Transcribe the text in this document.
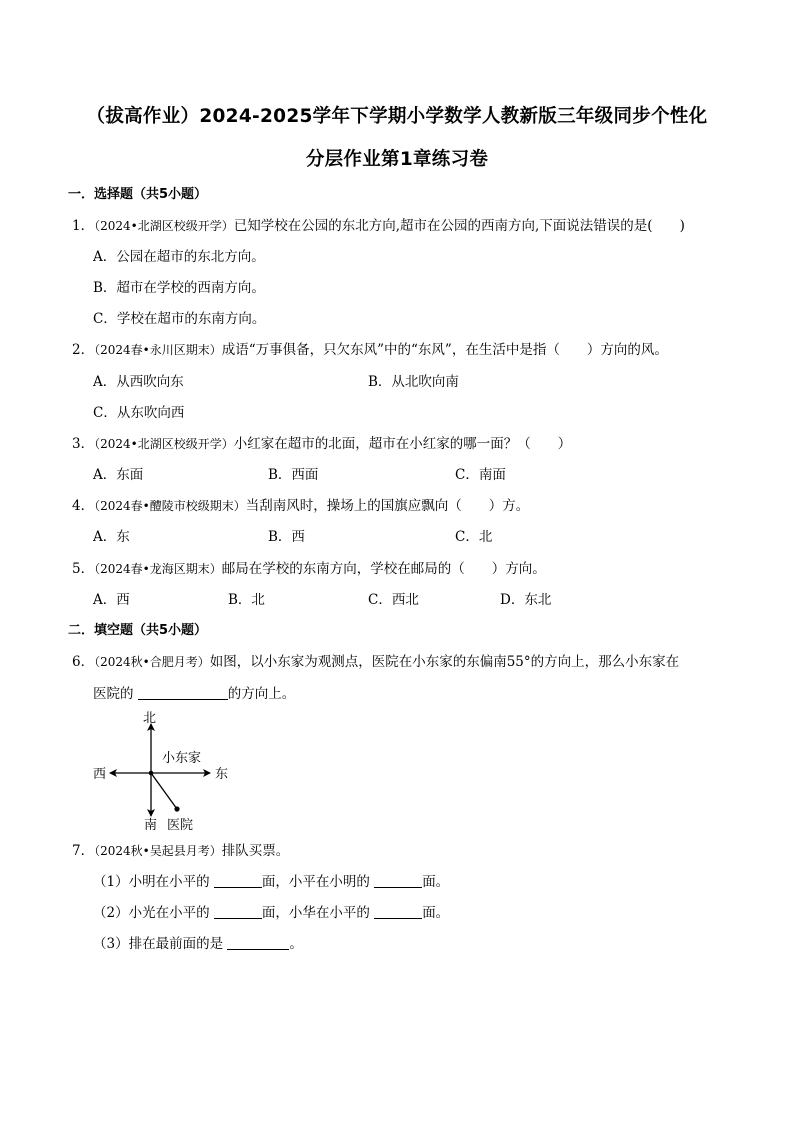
（拔高作业）2024-2025学年下学期小学数学人教新版三年级同步个性化
分层作业第1章练习卷
一．选择题（共5小题）
1．（2024•北湖区校级开学）已知学校在公园的东北方向,超市在公园的西南方向,下面说法错误的是(　　)
A．公园在超市的东北方向。
B．超市在学校的西南方向。
C．学校在超市的东南方向。
2．（2024春•永川区期末）成语“万事俱备，只欠东风”中的“东风”，在生活中是指（　　）方向的风。
A．从西吹向东	B．从北吹向南
C．从东吹向西
3．（2024•北湖区校级开学）小红家在超市的北面，超市在小红家的哪一面？（　　）
A．东面	B．西面	C．南面
4．（2024春•醴陵市校级期末）当刮南风时，操场上的国旗应飘向（　　）方。
A．东	B．西	C．北
5．（2024春•龙海区期末）邮局在学校的东南方向，学校在邮局的（　　）方向。
A．西	B．北	C．西北	D．东北
二．填空题（共5小题）
6．（2024秋•合肥月考）如图，以小东家为观测点，医院在小东家的东偏南55°的方向上，那么小东家在
医院的	的方向上。
北
南
西	东
小东家
医院
7．（2024秋•吴起县月考）排队买票。
（1）小明在小平的	面，小平在小明的	面。
（2）小光在小平的	面，小华在小平的	面。
（3）排在最前面的是	。
